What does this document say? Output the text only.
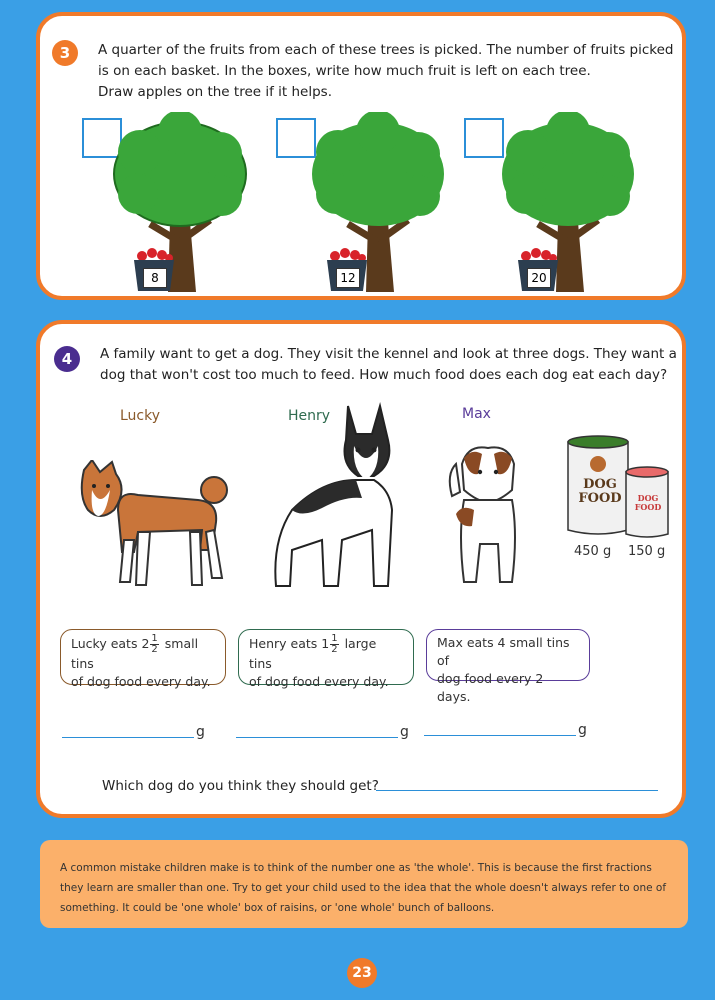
3	A quarter of the fruits from each of these trees is picked. The number of fruits picked
is on each basket. In the boxes, write how much fruit is left on each tree.
Draw apples on the tree if it helps.
8	12	20
4	A family want to get a dog. They visit the kennel and look at three dogs. They want a
dog that won't cost too much to feed. How much food does each dog eat each day?
Lucky	Henry	Max
DOG
FOOD	DOG
FOOD
450 g 150 g
Lucky eats $2 \frac{1}{2}$ small tins
of dog food every day.
Henry eats $1 \frac{1}{2}$ large tins
of dog food every day.
Max eats 4 small tins of
dog food every 2 days.
g	g	g
Which dog do you think they should get?
A common mistake children make is to think of the number one as 'the whole'. This is because the first fractions
they learn are smaller than one. Try to get your child used to the idea that the whole doesn't always refer to one of
something. It could be 'one whole' box of raisins, or 'one whole' bunch of balloons.
23
